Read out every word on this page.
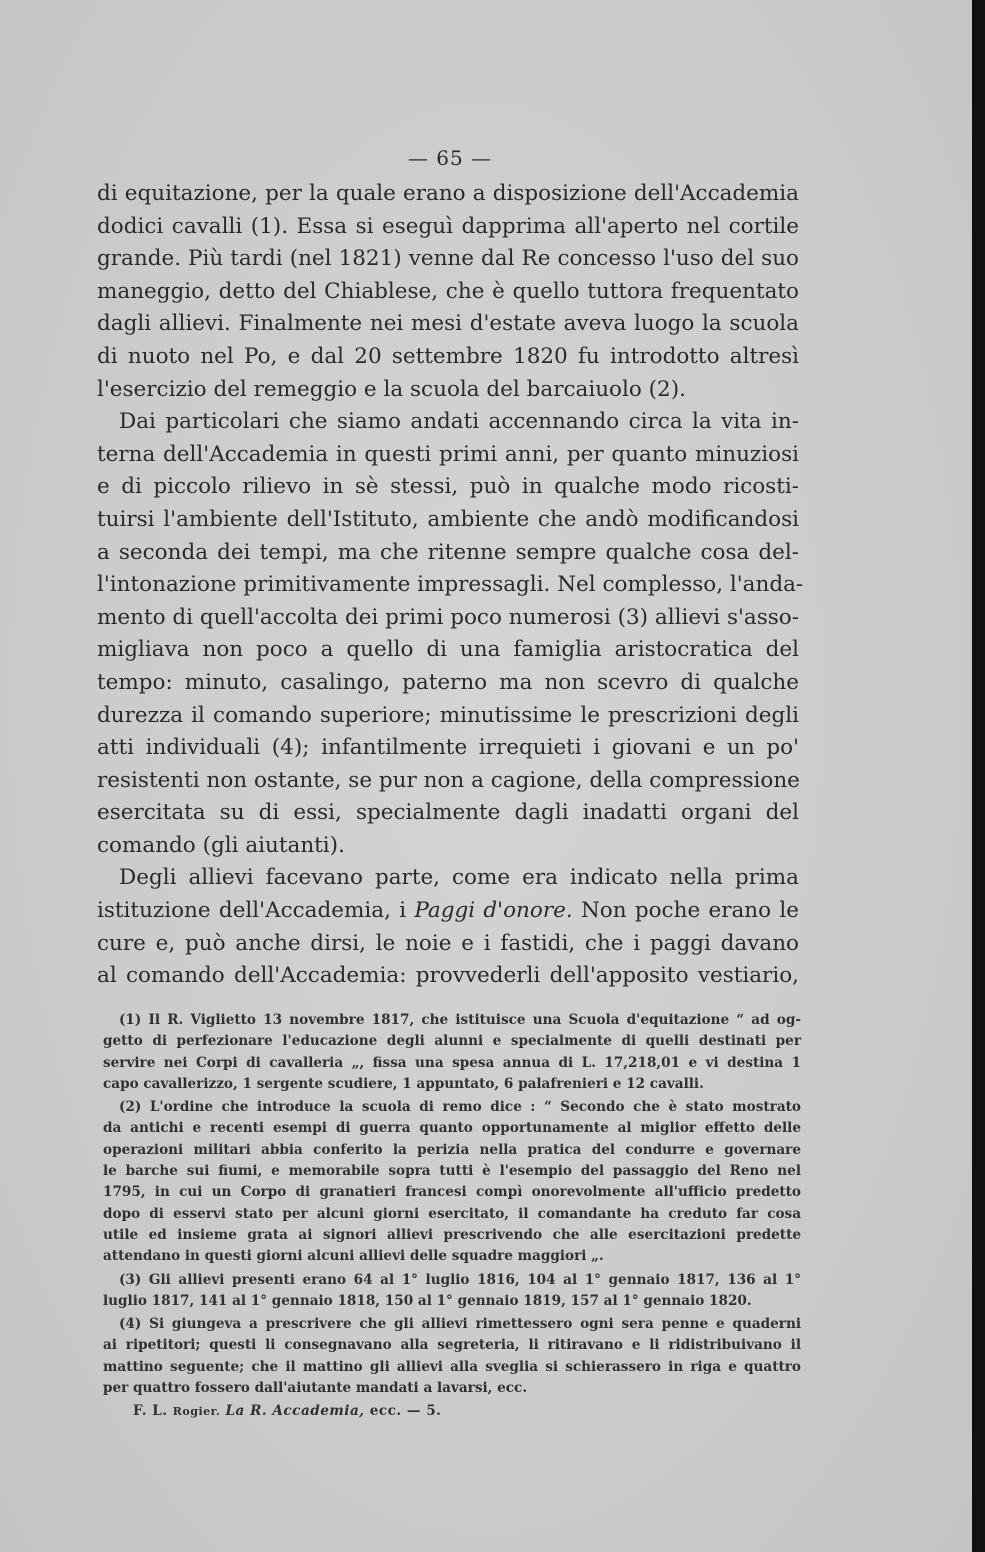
— 65 —
di equitazione, per la quale erano a disposizione dell'Accademia
dodici cavalli (1). Essa si eseguì dapprima all'aperto nel cortile
grande. Più tardi (nel 1821) venne dal Re concesso l'uso del suo
maneggio, detto del Chiablese, che è quello tuttora frequentato
dagli allievi. Finalmente nei mesi d'estate aveva luogo la scuola
di nuoto nel Po, e dal 20 settembre 1820 fu introdotto altresì
l'esercizio del remeggio e la scuola del barcaiuolo (2).
Dai particolari che siamo andati accennando circa la vita in-
terna dell'Accademia in questi primi anni, per quanto minuziosi
e di piccolo rilievo in sè stessi, può in qualche modo ricosti-
tuirsi l'ambiente dell'Istituto, ambiente che andò modificandosi
a seconda dei tempi, ma che ritenne sempre qualche cosa del-
l'intonazione primitivamente impressagli. Nel complesso, l'anda-
mento di quell'accolta dei primi poco numerosi (3) allievi s'asso-
migliava non poco a quello di una famiglia aristocratica del
tempo: minuto, casalingo, paterno ma non scevro di qualche
durezza il comando superiore; minutissime le prescrizioni degli
atti individuali (4); infantilmente irrequieti i giovani e un po'
resistenti non ostante, se pur non a cagione, della compressione
esercitata su di essi, specialmente dagli inadatti organi del
comando (gli aiutanti).
Degli allievi facevano parte, come era indicato nella prima
istituzione dell'Accademia, i Paggi d'onore. Non poche erano le
cure e, può anche dirsi, le noie e i fastidi, che i paggi davano
al comando dell'Accademia: provvederli dell'apposito vestiario,
(1) Il R. Viglietto 13 novembre 1817, che istituisce una Scuola d'equitazione “ ad og-
getto di perfezionare l'educazione degli alunni e specialmente di quelli destinati per
servire nei Corpi di cavalleria „, fissa una spesa annua di L. 17,218,01 e vi destina 1
capo cavallerizzo, 1 sergente scudiere, 1 appuntato, 6 palafrenieri e 12 cavalli.
(2) L'ordine che introduce la scuola di remo dice : “ Secondo che è stato mostrato
da antichi e recenti esempi di guerra quanto opportunamente al miglior effetto delle
operazioni militari abbia conferito la perizia nella pratica del condurre e governare
le barche sui fiumi, e memorabile sopra tutti è l'esempio del passaggio del Reno nel
1795, in cui un Corpo di granatieri francesi compì onorevolmente all'ufficio predetto
dopo di esservi stato per alcuni giorni esercitato, il comandante ha creduto far cosa
utile ed insieme grata ai signori allievi prescrivendo che alle esercitazioni predette
attendano in questi giorni alcuni allievi delle squadre maggiori „.
(3) Gli allievi presenti erano 64 al 1° luglio 1816, 104 al 1° gennaio 1817, 136 al 1°
luglio 1817, 141 al 1° gennaio 1818, 150 al 1° gennaio 1819, 157 al 1° gennaio 1820.
(4) Si giungeva a prescrivere che gli allievi rimettessero ogni sera penne e quaderni
ai ripetitori; questi li consegnavano alla segreteria, li ritiravano e li ridistribuivano il
mattino seguente; che il mattino gli allievi alla sveglia si schierassero in riga e quattro
per quattro fossero dall'aiutante mandati a lavarsi, ecc.
F. L. Rogier. La R. Accademia, ecc. — 5.
